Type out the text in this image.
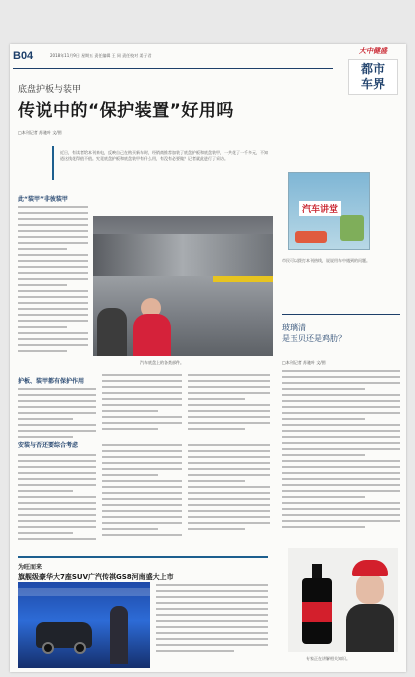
B04	2018年11月9日 星期五 责任编辑 王 同 责任校对 姜子君
大中健盛
都市
车界
底盘护板与装甲
传说中的“保护装置”好用吗
□本刊记者 苏驰叶 文/图
近日，有读者给本刊来电，反映自己在购买新车时，经销商推荐加装了底盘护板和底盘装甲，一共花了一千多元，不知道这钱花得值不值。究竟底盘护板和底盘装甲有什么用，有没有必要做？记者就此进行了采访。
汽车讲堂
市民可以拨打本刊热线，说说用车中遇到的问题。
玻璃清
是玉贝还是鸡肋？
□本刊记者 苏驰叶 文/图
此“装甲”非彼装甲
汽车底盘上的各类部件。
护板、装甲都有保护作用
安装与否还要综合考虑
为旺而来
旗舰级豪华大7座SUV广汽传祺GS8河南盛大上市
专家正在讲解相关知识。
